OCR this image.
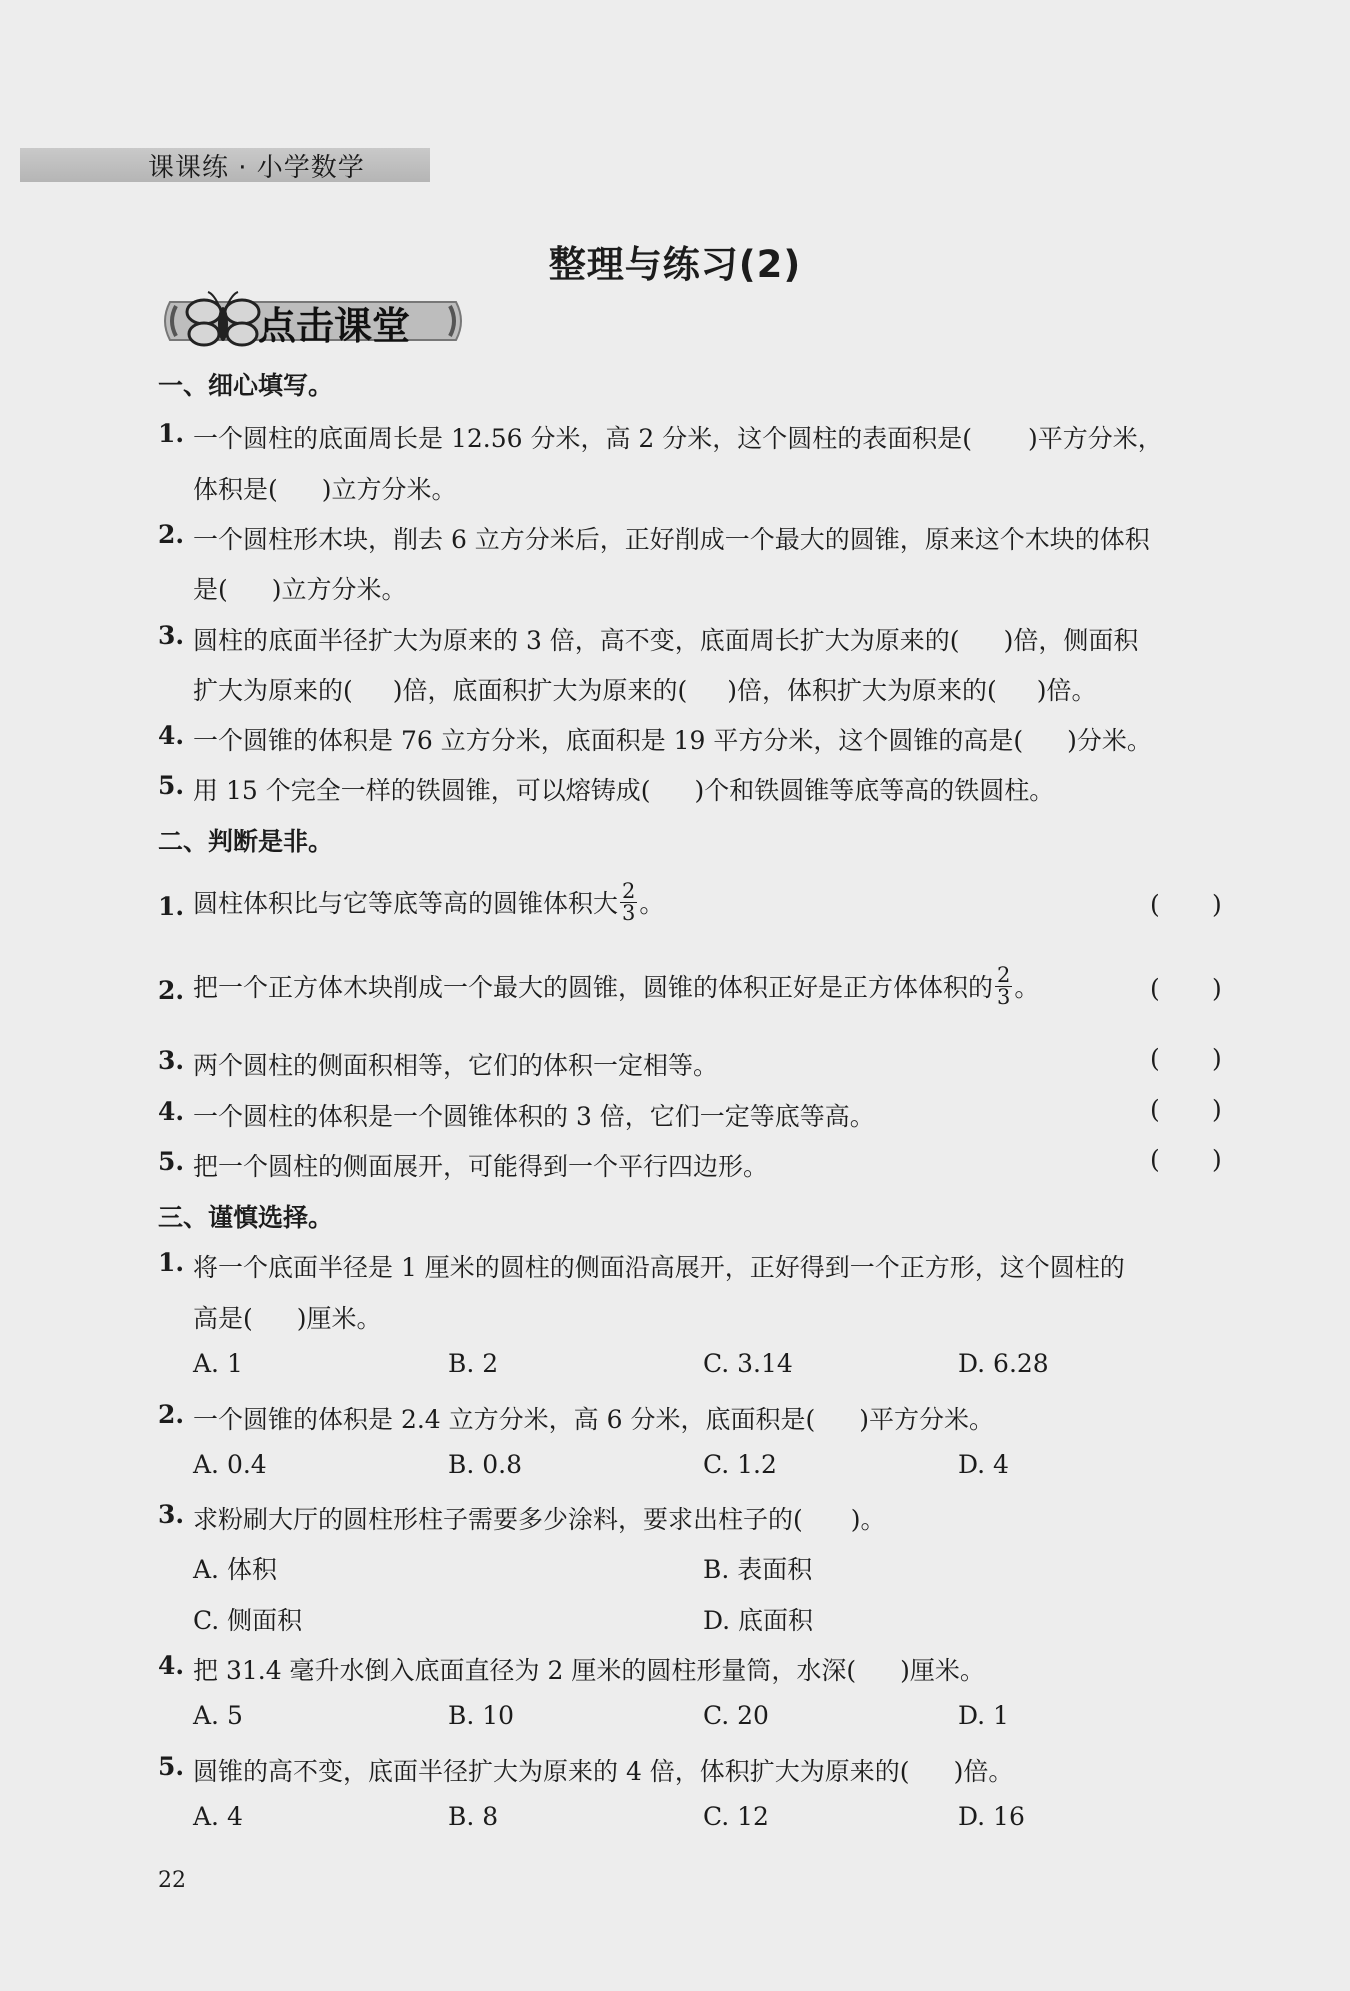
课课练 · 小学数学
整理与练习(2)
点击课堂
一、细心填写。
1. 一个圆柱的底面周长是 12.56 分米，高 2 分米，这个圆柱的表面积是( )平方分米，
体积是( )立方分米。
2. 一个圆柱形木块，削去 6 立方分米后，正好削成一个最大的圆锥，原来这个木块的体积
是( )立方分米。
3. 圆柱的底面半径扩大为原来的 3 倍，高不变，底面周长扩大为原来的( )倍，侧面积
扩大为原来的( )倍，底面积扩大为原来的( )倍，体积扩大为原来的( )倍。
4. 一个圆锥的体积是 76 立方分米，底面积是 19 平方分米，这个圆锥的高是( )分米。
5. 用 15 个完全一样的铁圆锥，可以熔铸成( )个和铁圆锥等底等高的铁圆柱。
二、判断是非。
1. 圆柱体积比与它等底等高的圆锥体积大 $\frac{2}{3}$ 。	( )
2. 把一个正方体木块削成一个最大的圆锥，圆锥的体积正好是正方体体积的 $\frac{2}{3}$ 。	( )
3. 两个圆柱的侧面积相等，它们的体积一定相等。	( )
4. 一个圆柱的体积是一个圆锥体积的 3 倍，它们一定等底等高。	( )
5. 把一个圆柱的侧面展开，可能得到一个平行四边形。	( )
三、谨慎选择。
1. 将一个底面半径是 1 厘米的圆柱的侧面沿高展开，正好得到一个正方形，这个圆柱的
高是( )厘米。
A. 1	B. 2	C. 3.14	D. 6.28
2. 一个圆锥的体积是 2.4 立方分米，高 6 分米，底面积是( )平方分米。
A. 0.4	B. 0.8	C. 1.2	D. 4
3. 求粉刷大厅的圆柱形柱子需要多少涂料，要求出柱子的( )。
A. 体积	B. 表面积
C. 侧面积	D. 底面积
4. 把 31.4 毫升水倒入底面直径为 2 厘米的圆柱形量筒，水深( )厘米。
A. 5	B. 10	C. 20	D. 1
5. 圆锥的高不变，底面半径扩大为原来的 4 倍，体积扩大为原来的( )倍。
A. 4	B. 8	C. 12	D. 16
22
